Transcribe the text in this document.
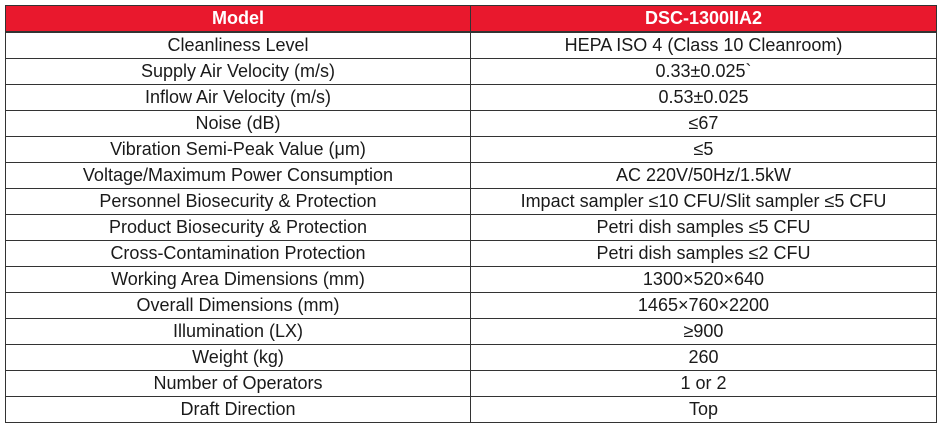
Model	DSC-1300IIA2
Cleanliness Level	HEPA ISO 4 (Class 10 Cleanroom)
Supply Air Velocity (m/s)	0.33±0.025`
Inflow Air Velocity (m/s)	0.53±0.025
Noise (dB)	≤67
Vibration Semi-Peak Value (μm)	≤5
Voltage/Maximum Power Consumption	AC 220V/50Hz/1.5kW
Personnel Biosecurity & Protection	Impact sampler ≤10 CFU/Slit sampler ≤5 CFU
Product Biosecurity & Protection	Petri dish samples ≤5 CFU
Cross-Contamination Protection	Petri dish samples ≤2 CFU
Working Area Dimensions (mm)	1300×520×640
Overall Dimensions (mm)	1465×760×2200
Illumination (LX)	≥900
Weight (kg)	260
Number of Operators	1 or 2
Draft Direction	Top
